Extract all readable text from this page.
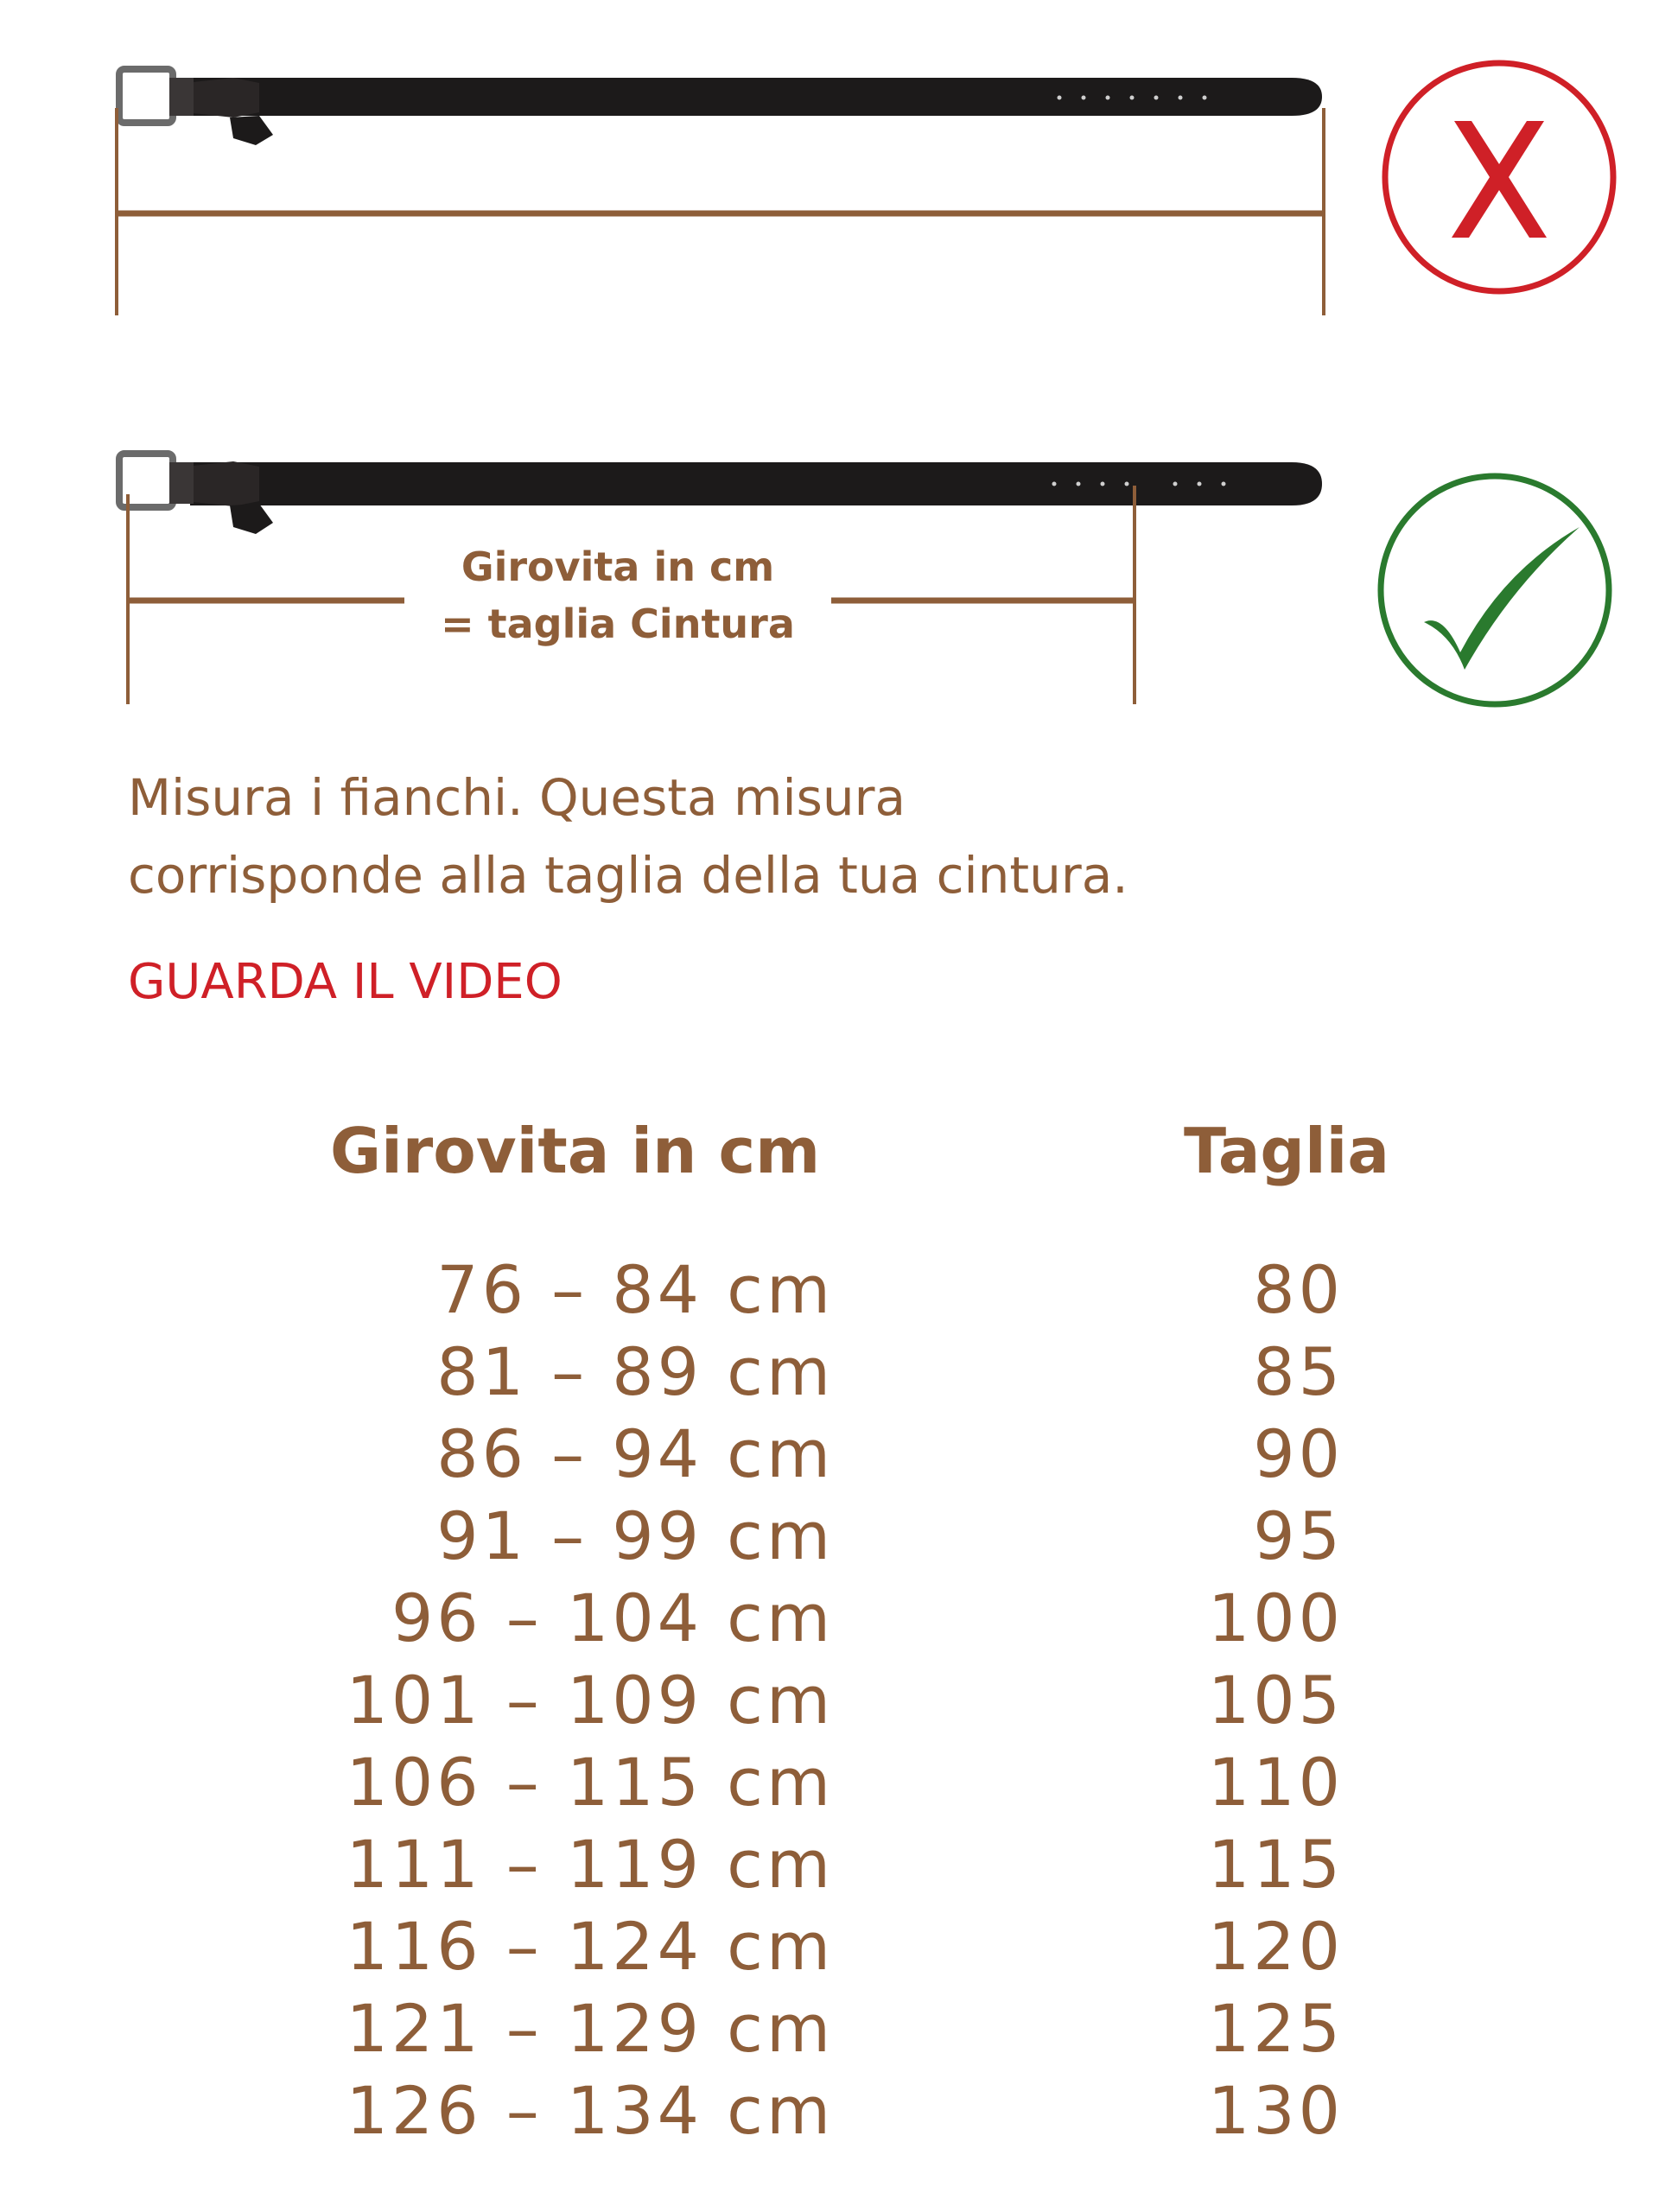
Girovita in cm
= taglia Cintura
Misura i fianchi. Questa misura
corrisponde alla taglia della tua cintura.
GUARDA IL VIDEO
Girovita in cm	Taglia
76 – 84 cm	80
81 – 89 cm	85
86 – 94 cm	90
91 – 99 cm	95
96 – 104 cm	100
101 – 109 cm	105
106 – 115 cm	110
111 – 119 cm	115
116 – 124 cm	120
121 – 129 cm	125
126 – 134 cm	130
